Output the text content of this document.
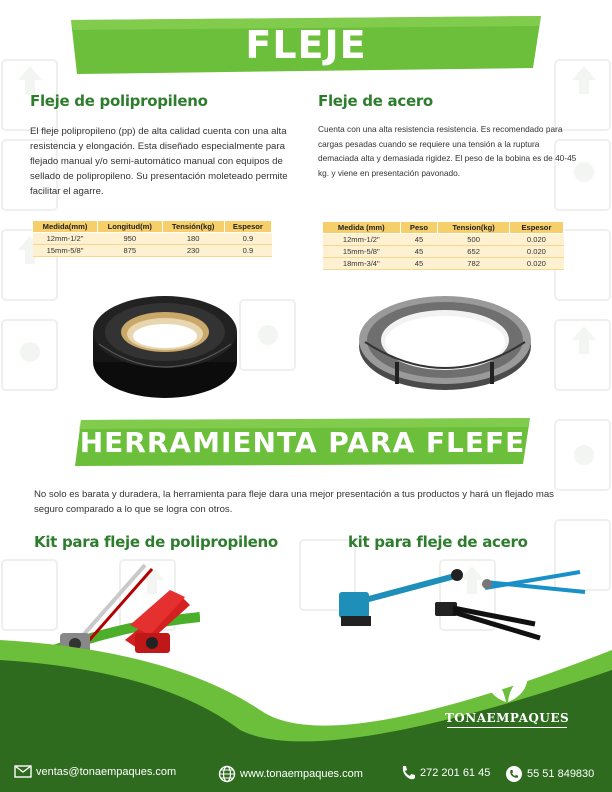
FLEJE
Fleje de polipropileno
El fleje polipropileno (pp) de alta calidad cuenta con una alta resistencia y elongación. Esta diseñado especialmente para flejado manual y/o semi-automático manual con equipos de sellado de polipropileno. Su presentación moleteado permite facilitar el agarre.
Medida(mm)	Longitud(m)	Tensión(kg)	Espesor
12mm-1/2"	950	180	0.9
15mm-5/8"	875	230	0.9
Fleje de acero
Cuenta con una alta resistencia resistencia. Es recomendado para cargas pesadas cuando se requiere una tensión a la ruptura demaciada alta y demasiada rigidez. El peso de la bobina es de 40-45 kg. y viene en presentación pavonado.
Medida (mm)	Peso	Tension(kg)	Espesor
12mm-1/2"	45	500	0.020
15mm-5/8"	45	652	0.020
18mm-3/4"	45	782	0.020
HERRAMIENTA PARA FLEFE
No solo es barata y duradera, la herramienta para fleje dara una mejor presentación a tus productos y hará un flejado mas seguro comparado a lo que se logra con otros.
Kit para fleje de polipropileno	kit para fleje de acero
TONAEMPAQUES
ventas@tonaempaques.com	www.tonaempaques.com	272 201 61 45	55 51 849830
